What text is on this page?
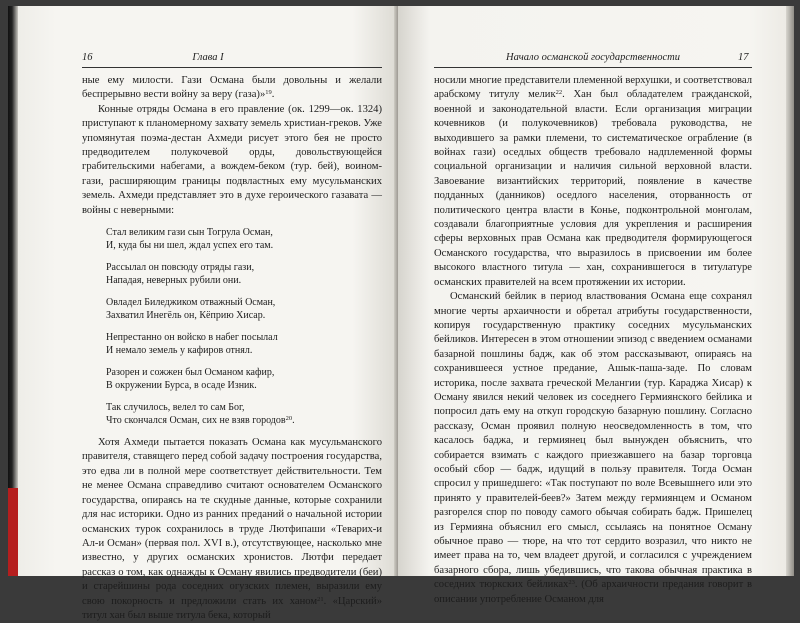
16	Глава I

ные ему милости. Гази Османа были довольны и желали беспрерывно вести войну за веру (газа)»$^{19}$.

Конные отряды Османа в его правление (ок. 1299—ок. 1324) приступают к планомерному захвату земель христиан-греков. Уже упомянутая поэма-дестан Ахмеди рисует этого бея не просто предводителем полукочевой орды, довольствующейся грабительскими набегами, а вождем-беком (тур. бей), воином-гази, расширяющим границы подвластных ему мусульманских земель. Ахмеди представляет это в духе героического газавата — войны с неверными:

Стал великим гази сын Тогрула Осман,
И, куда бы ни шел, ждал успех его там.
Рассылал он повсюду отряды гази,
Нападая, неверных рубили они.
Овладел Биледжиком отважный Осман,
Захватил Инегёль он, Кёприю Хисар.
Непрестанно он войско в набег посылал
И немало земель у кафиров отнял.
Разорен и сожжен был Османом кафир,
В окружении Бурса, в осаде Изник.
Так случилось, велел то сам Бог,
Что скончался Осман, сих не взяв городов$^{20}$.

Хотя Ахмеди пытается показать Османа как мусульманского правителя, ставящего перед собой задачу построения государства, это едва ли в полной мере соответствует действительности. Тем не менее Османа справедливо считают основателем Османского государства, опираясь на те скудные данные, которые сохранили для нас историки. Одно из ранних преданий о начальной истории османских турок сохранилось в труде Лютфипаши «Теварих-и Ал-и Осман» (первая пол. XVI в.), отсутствующее, насколько мне известно, у других османских хронистов. Лютфи передает рассказ о том, как однажды к Осману явились предводители (беи) и старейшины рода соседних огузских племен, выразили ему свою покорность и предложили стать их ханом$^{21}$. «Царский» титул хан был выше титула бека, который

Начало османской государственности	17

носили многие представители племенной верхушки, и соответствовал арабскому титулу мелик$^{22}$. Хан был обладателем гражданской, военной и законодательной власти. Если организация миграции кочевников (и полукочевников) требовала руководства, не выходившего за рамки племени, то систематическое ограбление (в войнах гази) оседлых обществ требовало надплеменной формы социальной организации и наличия сильной верховной власти. Завоевание византийских территорий, появление в качестве подданных (данников) оседлого населения, оторванность от политического центра власти в Конье, подконтрольной монголам, создавали благоприятные условия для укрепления и расширения сферы верховных прав Османа как предводителя формирующегося Османского государства, что выразилось в присвоении им более высокого властного титула — хан, сохранившегося в титулатуре османских правителей на всем протяжении их истории.

Османский бейлик в период властвования Османа еще сохранял многие черты архаичности и обретал атрибуты государственности, копируя государственную практику соседних мусульманских бейликов. Интересен в этом отношении эпизод с введением османами базарной пошлины бадж, как об этом рассказывают, опираясь на сохранившееся устное предание, Ашык-паша-заде. По словам историка, после захвата греческой Мелангии (тур. Караджа Хисар) к Осману явился некий человек из соседнего Гермиянского бейлика и попросил дать ему на откуп городскую базарную пошлину. Согласно рассказу, Осман проявил полную неосведомленность в том, что касалось баджа, и гермиянец был вынужден объяснить, что собирается взимать с каждого приезжавшего на базар торговца особый сбор — бадж, идущий в пользу правителя. Тогда Осман спросил у пришедшего: «Так поступают по воле Всевышнего или это принято у правителей-беев?» Затем между гермиянцем и Османом разгорелся спор по поводу самого обычая собирать бадж. Пришелец из Гермияна объяснил его смысл, ссылаясь на понятное Осману обычное право — тюре, на что тот сердито возразил, что никто не имеет права на то, чем владеет другой, и согласился с учреждением базарного сбора, лишь убедившись, что такова обычная практика в соседних тюркских бейликах$^{23}$. (Об архаичности предания говорит в описании употребление Османом для
